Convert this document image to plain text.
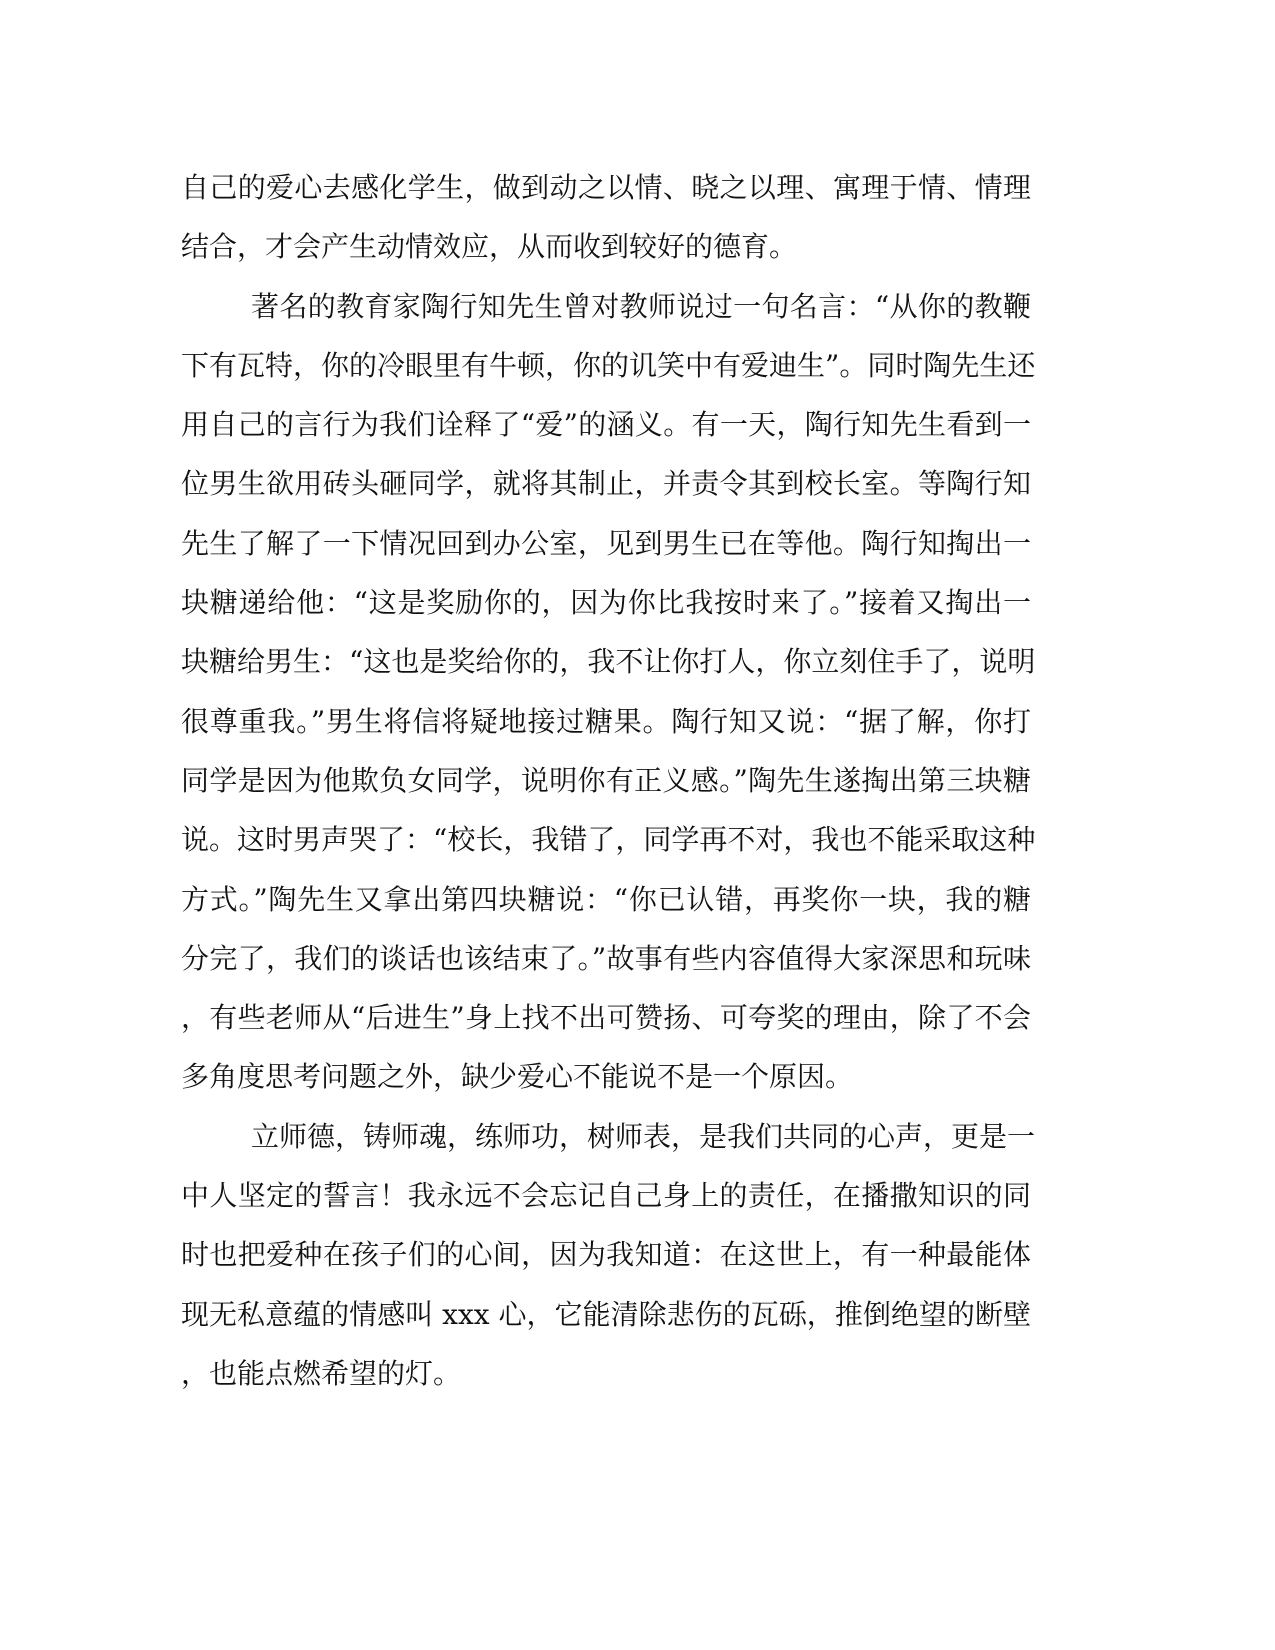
自己的爱心去感化学生，做到动之以情、晓之以理、寓理于情、情理
结合，才会产生动情效应，从而收到较好的德育。
著名的教育家陶行知先生曾对教师说过一句名言：“从你的教鞭
下有瓦特，你的冷眼里有牛顿，你的讥笑中有爱迪生”。同时陶先生还
用自己的言行为我们诠释了“爱”的涵义。有一天，陶行知先生看到一
位男生欲用砖头砸同学，就将其制止，并责令其到校长室。等陶行知
先生了解了一下情况回到办公室，见到男生已在等他。陶行知掏出一
块糖递给他：“这是奖励你的，因为你比我按时来了。”接着又掏出一
块糖给男生：“这也是奖给你的，我不让你打人，你立刻住手了，说明
很尊重我。”男生将信将疑地接过糖果。陶行知又说：“据了解，你打
同学是因为他欺负女同学，说明你有正义感。”陶先生遂掏出第三块糖
说。这时男声哭了：“校长，我错了，同学再不对，我也不能采取这种
方式。”陶先生又拿出第四块糖说：“你已认错，再奖你一块，我的糖
分完了，我们的谈话也该结束了。”故事有些内容值得大家深思和玩味
，有些老师从“后进生”身上找不出可赞扬、可夸奖的理由，除了不会
多角度思考问题之外，缺少爱心不能说不是一个原因。
立师德，铸师魂，练师功，树师表，是我们共同的心声，更是一
中人坚定的誓言！我永远不会忘记自己身上的责任，在播撒知识的同
时也把爱种在孩子们的心间，因为我知道：在这世上，有一种最能体
现无私意蕴的情感叫 xxx 心，它能清除悲伤的瓦砾，推倒绝望的断壁
，也能点燃希望的灯。
